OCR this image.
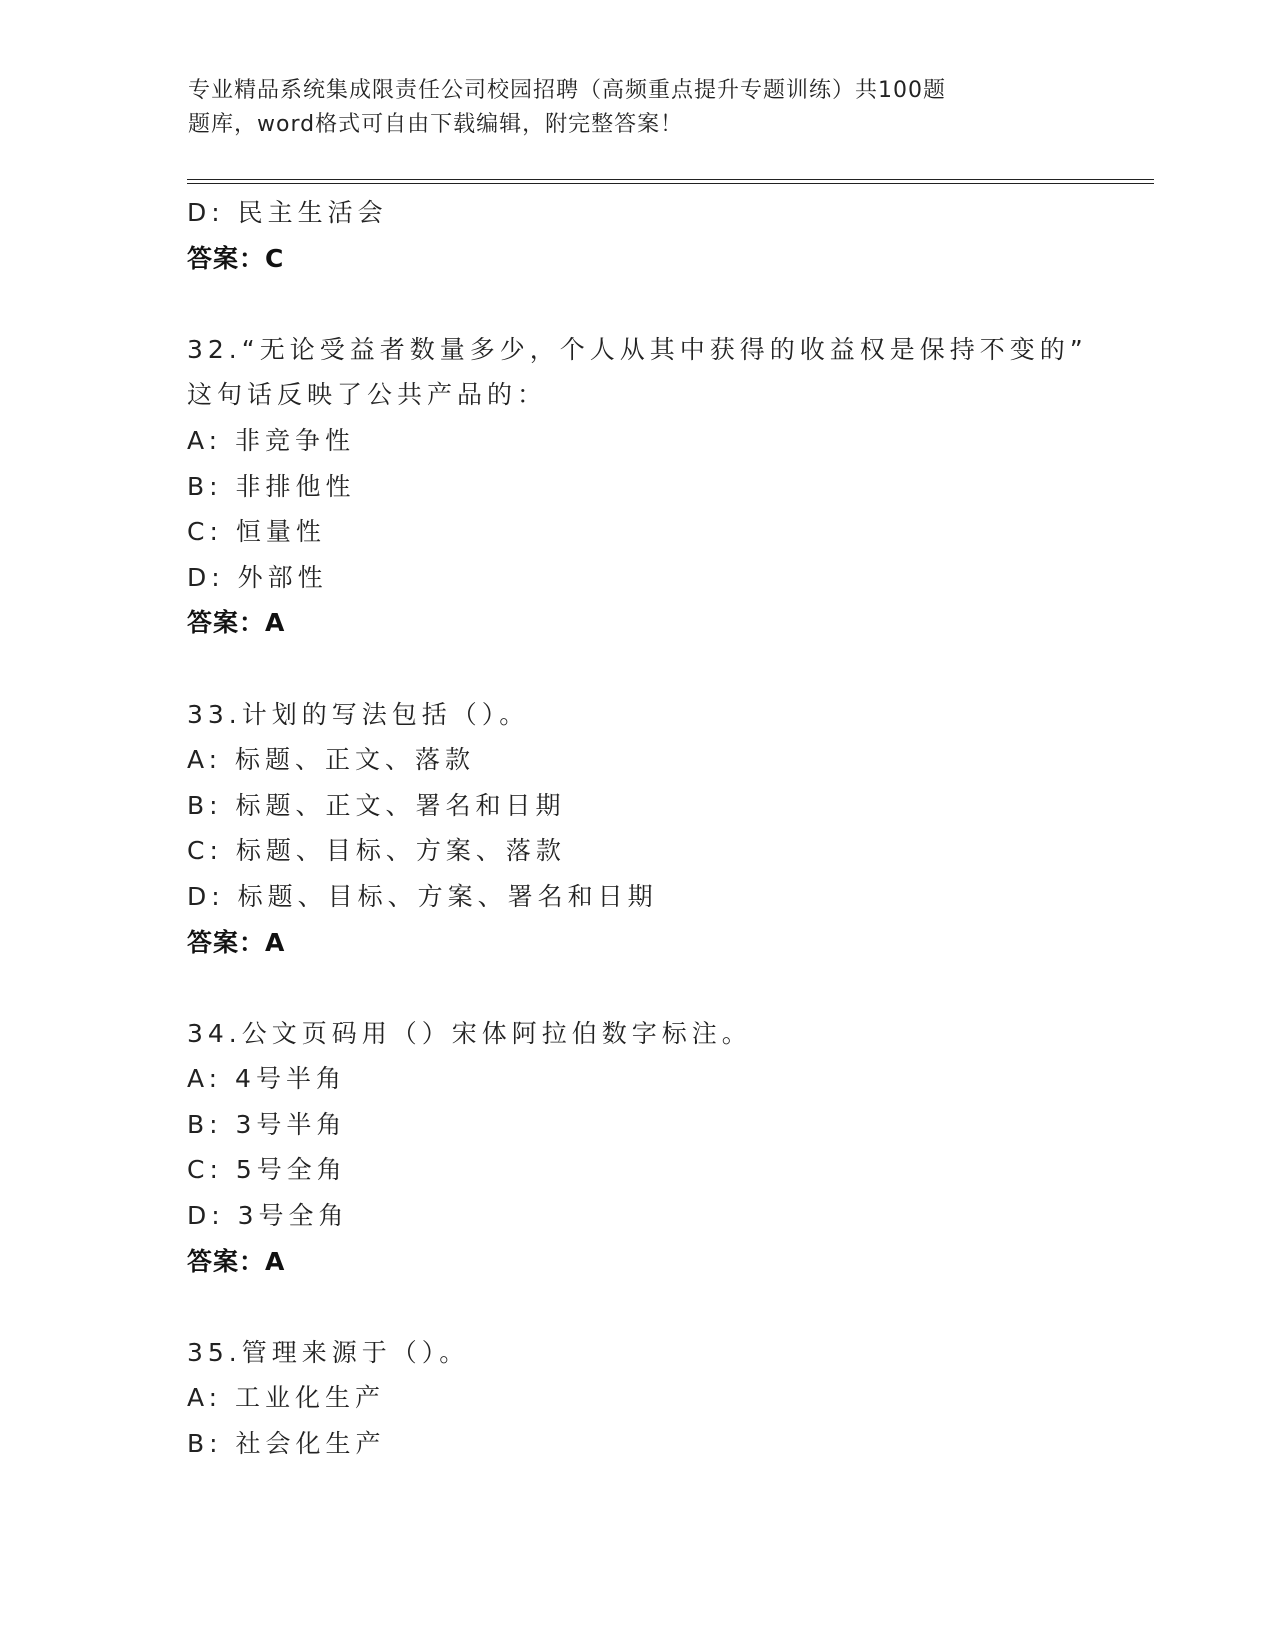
专业精品系统集成限责任公司校园招聘（高频重点提升专题训练）共100题
题库，word格式可自由下载编辑，附完整答案！
D: 民主生活会
答案：C
32.“无论受益者数量多少，个人从其中获得的收益权是保持不变的”
这句话反映了公共产品的：
A: 非竞争性
B: 非排他性
C: 恒量性
D: 外部性
答案：A
33.计划的写法包括（）。
A: 标题、正文、落款
B: 标题、正文、署名和日期
C: 标题、目标、方案、落款
D: 标题、目标、方案、署名和日期
答案：A
34.公文页码用（）宋体阿拉伯数字标注。
A: 4号半角
B: 3号半角
C: 5号全角
D: 3号全角
答案：A
35.管理来源于（）。
A: 工业化生产
B: 社会化生产
